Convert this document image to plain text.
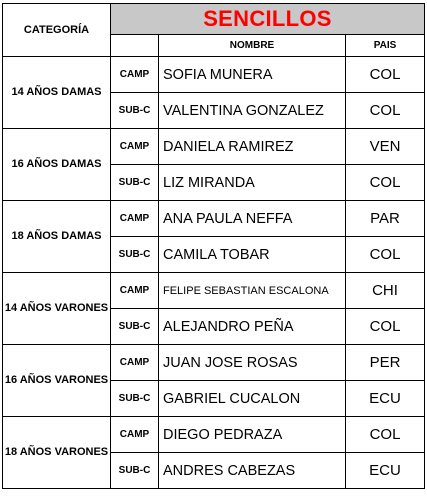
CATEGORÍA	SENCILLOS		
		NOMBRE	PAIS
14 AÑOS DAMAS	CAMP	SOFIA MUNERA	COL
	SUB-C	VALENTINA GONZALEZ	COL
16 AÑOS DAMAS	CAMP	DANIELA RAMIREZ	VEN
	SUB-C	LIZ MIRANDA	COL
18 AÑOS DAMAS	CAMP	ANA PAULA NEFFA	PAR
	SUB-C	CAMILA TOBAR	COL
14 AÑOS VARONES	CAMP	FELIPE SEBASTIAN ESCALONA	CHI
	SUB-C	ALEJANDRO PEÑA	COL
16 AÑOS VARONES	CAMP	JUAN JOSE ROSAS	PER
	SUB-C	GABRIEL CUCALON	ECU
18 AÑOS VARONES	CAMP	DIEGO PEDRAZA	COL
	SUB-C	ANDRES CABEZAS	ECU
